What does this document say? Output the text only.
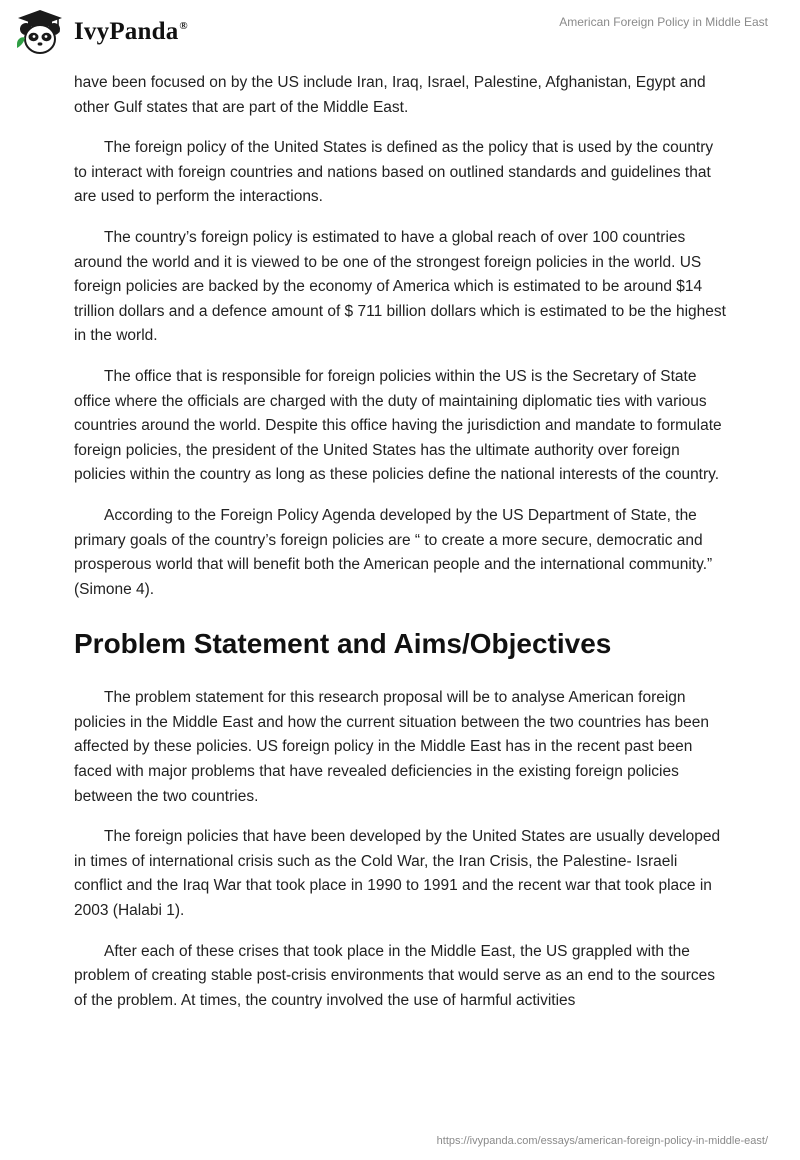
IvyPanda®	American Foreign Policy in Middle East

have been focused on by the US include Iran, Iraq, Israel, Palestine, Afghanistan, Egypt and other Gulf states that are part of the Middle East.

The foreign policy of the United States is defined as the policy that is used by the country to interact with foreign countries and nations based on outlined standards and guidelines that are used to perform the interactions.

The country’s foreign policy is estimated to have a global reach of over 100 countries around the world and it is viewed to be one of the strongest foreign policies in the world. US foreign policies are backed by the economy of America which is estimated to be around $14 trillion dollars and a defence amount of $ 711 billion dollars which is estimated to be the highest in the world.

The office that is responsible for foreign policies within the US is the Secretary of State office where the officials are charged with the duty of maintaining diplomatic ties with various countries around the world. Despite this office having the jurisdiction and mandate to formulate foreign policies, the president of the United States has the ultimate authority over foreign policies within the country as long as these policies define the national interests of the country.

According to the Foreign Policy Agenda developed by the US Department of State, the primary goals of the country’s foreign policies are “ to create a more secure, democratic and prosperous world that will benefit both the American people and the international community.” (Simone 4).

Problem Statement and Aims/Objectives

The problem statement for this research proposal will be to analyse American foreign policies in the Middle East and how the current situation between the two countries has been affected by these policies. US foreign policy in the Middle East has in the recent past been faced with major problems that have revealed deficiencies in the existing foreign policies between the two countries.

The foreign policies that have been developed by the United States are usually developed in times of international crisis such as the Cold War, the Iran Crisis, the Palestine- Israeli conflict and the Iraq War that took place in 1990 to 1991 and the recent war that took place in 2003 (Halabi 1).

After each of these crises that took place in the Middle East, the US grappled with the problem of creating stable post-crisis environments that would serve as an end to the sources of the problem. At times, the country involved the use of harmful activities

https://ivypanda.com/essays/american-foreign-policy-in-middle-east/
